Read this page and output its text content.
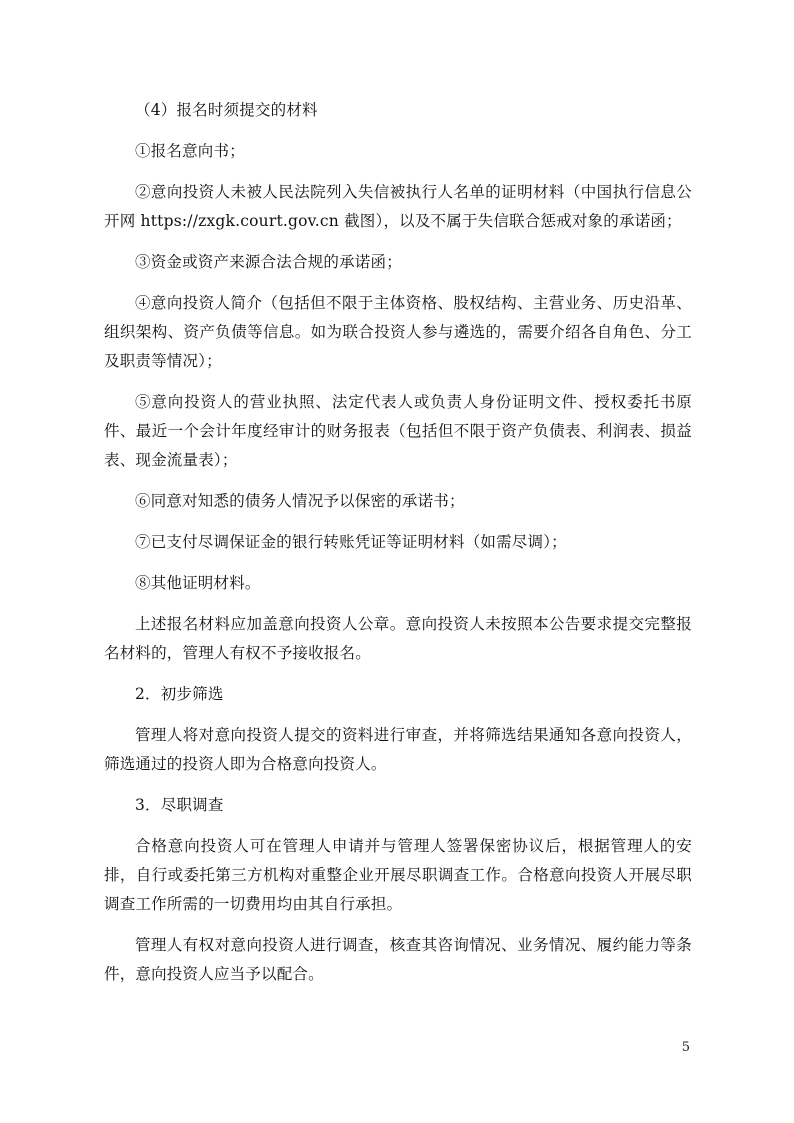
（4）报名时须提交的材料

①报名意向书；

②意向投资人未被人民法院列入失信被执行人名单的证明材料（中国执行信息公开网 https://zxgk.court.gov.cn 截图），以及不属于失信联合惩戒对象的承诺函；

③资金或资产来源合法合规的承诺函；

④意向投资人简介（包括但不限于主体资格、股权结构、主营业务、历史沿革、组织架构、资产负债等信息。如为联合投资人参与遴选的，需要介绍各自角色、分工及职责等情况）；

⑤意向投资人的营业执照、法定代表人或负责人身份证明文件、授权委托书原件、最近一个会计年度经审计的财务报表（包括但不限于资产负债表、利润表、损益表、现金流量表）；

⑥同意对知悉的债务人情况予以保密的承诺书；

⑦已支付尽调保证金的银行转账凭证等证明材料（如需尽调）；

⑧其他证明材料。

上述报名材料应加盖意向投资人公章。意向投资人未按照本公告要求提交完整报名材料的，管理人有权不予接收报名。

2．初步筛选

管理人将对意向投资人提交的资料进行审查，并将筛选结果通知各意向投资人，筛选通过的投资人即为合格意向投资人。

3．尽职调查

合格意向投资人可在管理人申请并与管理人签署保密协议后，根据管理人的安排，自行或委托第三方机构对重整企业开展尽职调查工作。合格意向投资人开展尽职调查工作所需的一切费用均由其自行承担。

管理人有权对意向投资人进行调查，核查其咨询情况、业务情况、履约能力等条件，意向投资人应当予以配合。

5
